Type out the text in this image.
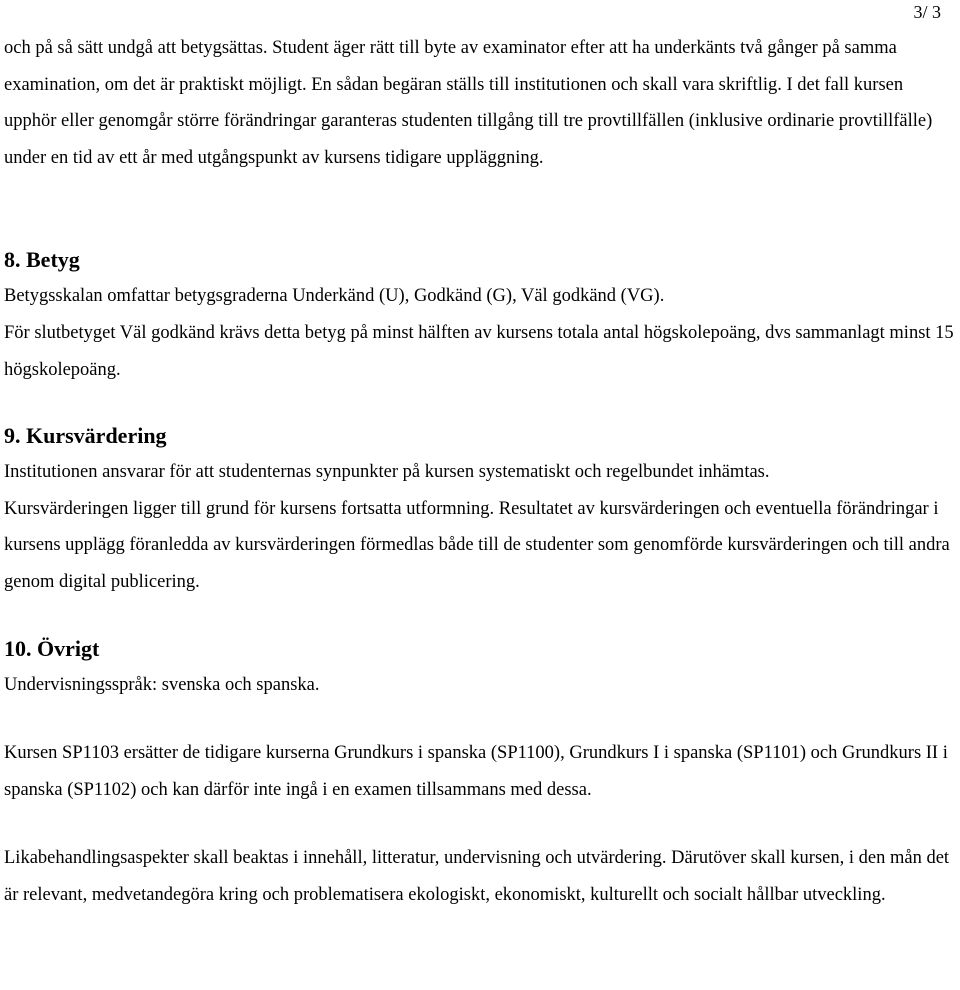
3/ 3

och på så sätt undgå att betygsättas. Student äger rätt till byte av examinator efter att ha underkänts två gånger på samma examination, om det är praktiskt möjligt. En sådan begäran ställs till institutionen och skall vara skriftlig. I det fall kursen upphör eller genomgår större förändringar garanteras studenten tillgång till tre provtillfällen (inklusive ordinarie provtillfälle) under en tid av ett år med utgångspunkt av kursens tidigare uppläggning.

8. Betyg

Betygsskalan omfattar betygsgraderna Underkänd (U), Godkänd (G), Väl godkänd (VG).

För slutbetyget Väl godkänd krävs detta betyg på minst hälften av kursens totala antal högskolepoäng, dvs sammanlagt minst 15 högskolepoäng.

9. Kursvärdering

Institutionen ansvarar för att studenternas synpunkter på kursen systematiskt och regelbundet inhämtas.

Kursvärderingen ligger till grund för kursens fortsatta utformning. Resultatet av kursvärderingen och eventuella förändringar i kursens upplägg föranledda av kursvärderingen förmedlas både till de studenter som genomförde kursvärderingen och till andra genom digital publicering.

10. Övrigt

Undervisningsspråk: svenska och spanska.

Kursen SP1103 ersätter de tidigare kurserna Grundkurs i spanska (SP1100), Grundkurs I i spanska (SP1101) och Grundkurs II i spanska (SP1102) och kan därför inte ingå i en examen tillsammans med dessa.

Likabehandlingsaspekter skall beaktas i innehåll, litteratur, undervisning och utvärdering. Därutöver skall kursen, i den mån det är relevant, medvetandegöra kring och problematisera ekologiskt, ekonomiskt, kulturellt och socialt hållbar utveckling.
